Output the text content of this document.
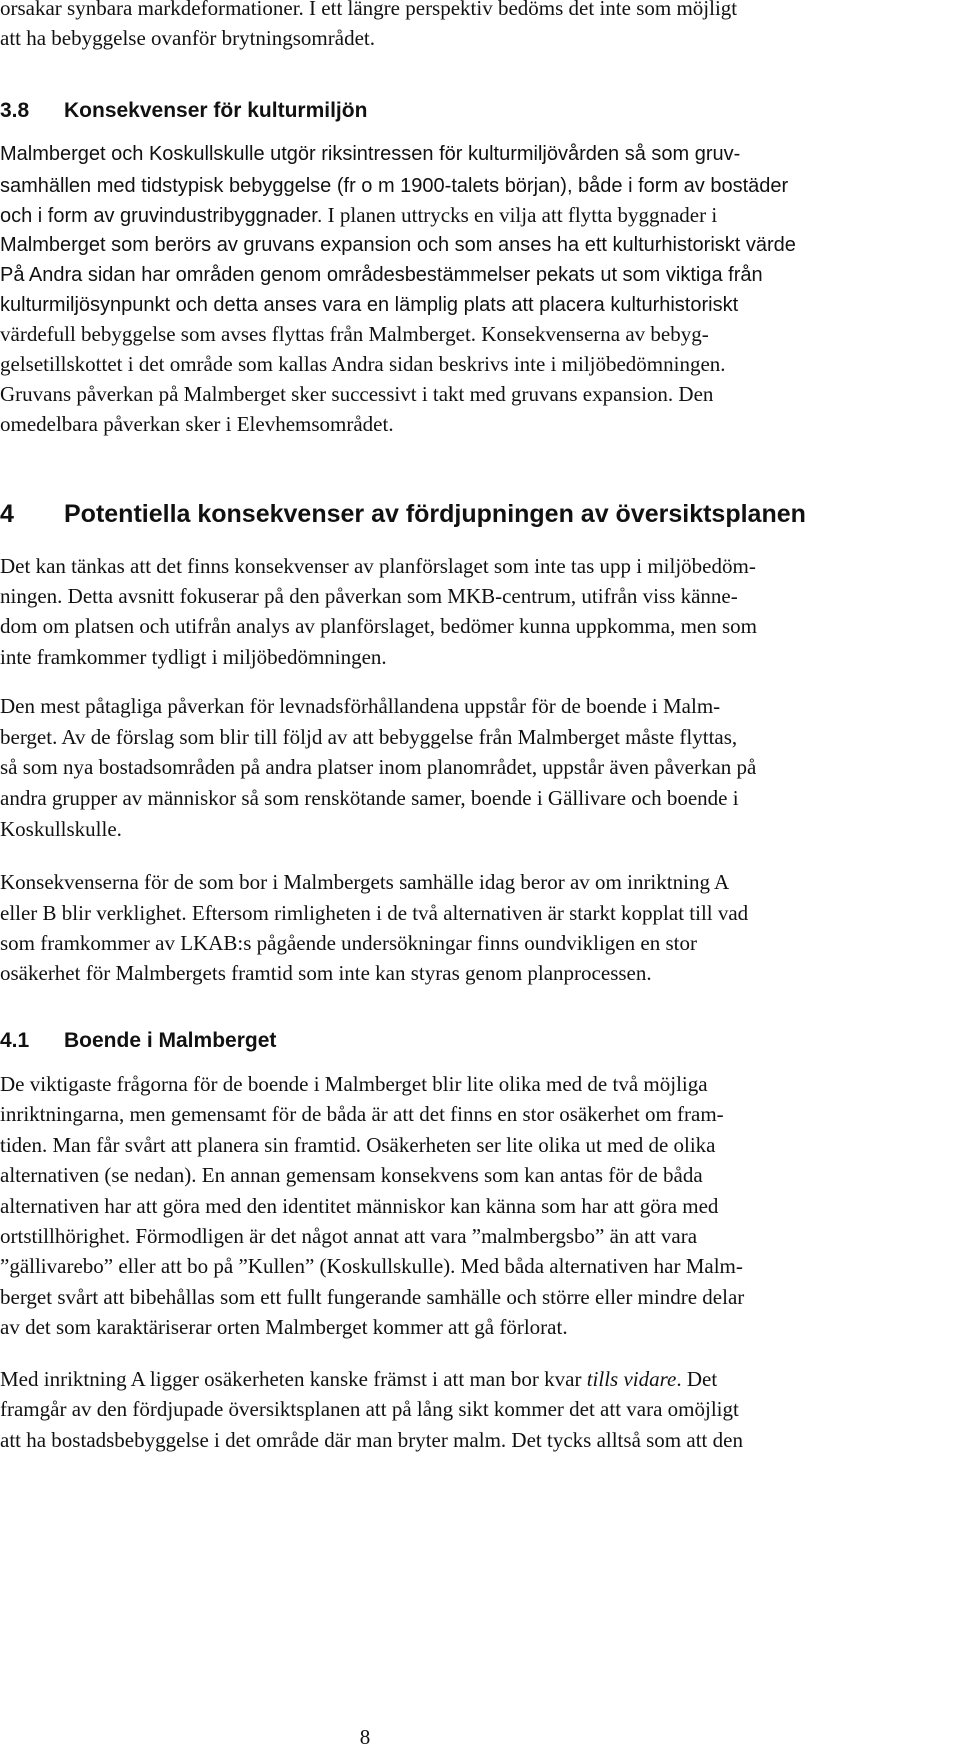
orsakar synbara markdeformationer. I ett längre perspektiv bedöms det inte som möjligt

att ha bebyggelse ovanför brytningsområdet.

3.8 Konsekvenser för kulturmiljön

Malmberget och Koskullskulle utgör riksintressen för kulturmiljövården så som gruv-

samhällen med tidstypisk bebyggelse (fr o m 1900-talets början), både i form av bostäder

och i form av gruvindustribyggnader. I planen uttrycks en vilja att flytta byggnader i

Malmberget som berörs av gruvans expansion och som anses ha ett kulturhistoriskt värde

På Andra sidan har områden genom områdesbestämmelser pekats ut som viktiga från

kulturmiljösynpunkt och detta anses vara en lämplig plats att placera kulturhistoriskt

värdefull bebyggelse som avses flyttas från Malmberget. Konsekvenserna av bebyg-

gelsetillskottet i det område som kallas Andra sidan beskrivs inte i miljöbedömningen.

Gruvans påverkan på Malmberget sker successivt i takt med gruvans expansion. Den

omedelbara påverkan sker i Elevhemsområdet.

4 Potentiella konsekvenser av fördjupningen av översiktsplanen

Det kan tänkas att det finns konsekvenser av planförslaget som inte tas upp i miljöbedöm-

ningen. Detta avsnitt fokuserar på den påverkan som MKB-centrum, utifrån viss känne-

dom om platsen och utifrån analys av planförslaget, bedömer kunna uppkomma, men som

inte framkommer tydligt i miljöbedömningen.

Den mest påtagliga påverkan för levnadsförhållandena uppstår för de boende i Malm-

berget. Av de förslag som blir till följd av att bebyggelse från Malmberget måste flyttas,

så som nya bostadsområden på andra platser inom planområdet, uppstår även påverkan på

andra grupper av människor så som renskötande samer, boende i Gällivare och boende i

Koskullskulle.

Konsekvenserna för de som bor i Malmbergets samhälle idag beror av om inriktning A

eller B blir verklighet. Eftersom rimligheten i de två alternativen är starkt kopplat till vad

som framkommer av LKAB:s pågående undersökningar finns oundvikligen en stor

osäkerhet för Malmbergets framtid som inte kan styras genom planprocessen.

4.1 Boende i Malmberget

De viktigaste frågorna för de boende i Malmberget blir lite olika med de två möjliga

inriktningarna, men gemensamt för de båda är att det finns en stor osäkerhet om fram-

tiden. Man får svårt att planera sin framtid. Osäkerheten ser lite olika ut med de olika

alternativen (se nedan). En annan gemensam konsekvens som kan antas för de båda

alternativen har att göra med den identitet människor kan känna som har att göra med

ortstillhörighet. Förmodligen är det något annat att vara ”malmbergsbo” än att vara

”gällivarebo” eller att bo på ”Kullen” (Koskullskulle). Med båda alternativen har Malm-

berget svårt att bibehållas som ett fullt fungerande samhälle och större eller mindre delar

av det som karaktäriserar orten Malmberget kommer att gå förlorat.

Med inriktning A ligger osäkerheten kanske främst i att man bor kvar tills vidare. Det

framgår av den fördjupade översiktsplanen att på lång sikt kommer det att vara omöjligt

att ha bostadsbebyggelse i det område där man bryter malm. Det tycks alltså som att den

8
